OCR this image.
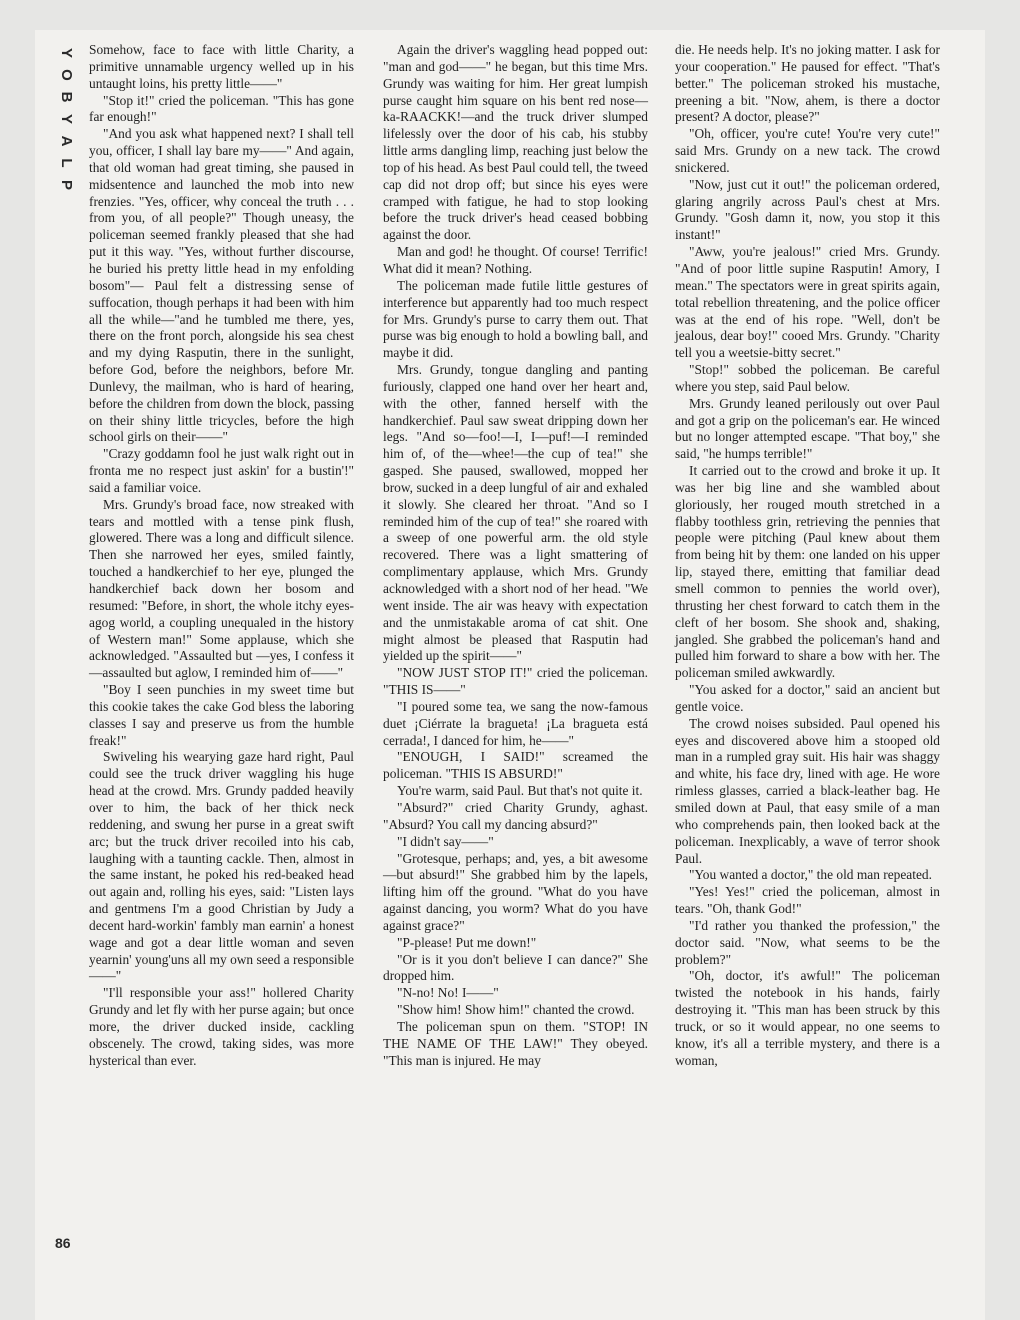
Y
O
B
Y
A
L
P
86

Somehow, face to face with little Charity, a primitive unnamable urgency welled up in his untaught loins, his pretty little——"

"Stop it!" cried the policeman. "This has gone far enough!"

"And you ask what happened next? I shall tell you, officer, I shall lay bare my——" And again, that old woman had great timing, she paused in midsentence and launched the mob into new frenzies. "Yes, officer, why conceal the truth . . . from you, of all people?" Though uneasy, the policeman seemed frankly pleased that she had put it this way. "Yes, without further discourse, he buried his pretty little head in my enfolding bosom"— Paul felt a distressing sense of suffocation, though perhaps it had been with him all the while—"and he tumbled me there, yes, there on the front porch, alongside his sea chest and my dying Rasputin, there in the sunlight, before God, before the neighbors, before Mr. Dunlevy, the mailman, who is hard of hearing, before the children from down the block, passing on their shiny little tricycles, before the high school girls on their——"

"Crazy goddamn fool he just walk right out in fronta me no respect just askin' for a bustin'!" said a familiar voice.

Mrs. Grundy's broad face, now streaked with tears and mottled with a tense pink flush, glowered. There was a long and difficult silence. Then she narrowed her eyes, smiled faintly, touched a handkerchief to her eye, plunged the handkerchief back down her bosom and resumed: "Before, in short, the whole itchy eyes-agog world, a coupling unequaled in the history of Western man!" Some applause, which she acknowledged. "Assaulted but —yes, I confess it—assaulted but aglow, I reminded him of——"

"Boy I seen punchies in my sweet time but this cookie takes the cake God bless the laboring classes I say and preserve us from the humble freak!"

Swiveling his wearying gaze hard right, Paul could see the truck driver waggling his huge head at the crowd. Mrs. Grundy padded heavily over to him, the back of her thick neck reddening, and swung her purse in a great swift arc; but the truck driver recoiled into his cab, laughing with a taunting cackle. Then, almost in the same instant, he poked his red-beaked head out again and, rolling his eyes, said: "Listen lays and gentmens I'm a good Christian by Judy a decent hard-workin' fambly man earnin' a honest wage and got a dear little woman and seven yearnin' young'uns all my own seed a responsible——"

"I'll responsible your ass!" hollered Charity Grundy and let fly with her purse again; but once more, the driver ducked inside, cackling obscenely. The crowd, taking sides, was more hysterical than ever.

Again the driver's waggling head popped out: "man and god——" he began, but this time Mrs. Grundy was waiting for him. Her great lumpish purse caught him square on his bent red nose—ka-RAACKK!—and the truck driver slumped lifelessly over the door of his cab, his stubby little arms dangling limp, reaching just below the top of his head. As best Paul could tell, the tweed cap did not drop off; but since his eyes were cramped with fatigue, he had to stop looking before the truck driver's head ceased bobbing against the door.

Man and god! he thought. Of course! Terrific! What did it mean? Nothing.

The policeman made futile little gestures of interference but apparently had too much respect for Mrs. Grundy's purse to carry them out. That purse was big enough to hold a bowling ball, and maybe it did.

Mrs. Grundy, tongue dangling and panting furiously, clapped one hand over her heart and, with the other, fanned herself with the handkerchief. Paul saw sweat dripping down her legs. "And so—foo!—I, I—puf!—I reminded him of, of the—whee!—the cup of tea!" she gasped. She paused, swallowed, mopped her brow, sucked in a deep lungful of air and exhaled it slowly. She cleared her throat. "And so I reminded him of the cup of tea!" she roared with a sweep of one powerful arm. the old style recovered. There was a light smattering of complimentary applause, which Mrs. Grundy acknowledged with a short nod of her head. "We went inside. The air was heavy with expectation and the unmistakable aroma of cat shit. One might almost be pleased that Rasputin had yielded up the spirit——"

"NOW JUST STOP IT!" cried the policeman. "THIS IS——"

"I poured some tea, we sang the now-famous duet ¡Ciérrate la bragueta! ¡La bragueta está cerrada!, I danced for him, he——"

"ENOUGH, I SAID!" screamed the policeman. "THIS IS ABSURD!"

You're warm, said Paul. But that's not quite it.

"Absurd?" cried Charity Grundy, aghast. "Absurd? You call my dancing absurd?"

"I didn't say——"

"Grotesque, perhaps; and, yes, a bit awesome—but absurd!" She grabbed him by the lapels, lifting him off the ground. "What do you have against dancing, you worm? What do you have against grace?"

"P-please! Put me down!"

"Or is it you don't believe I can dance?" She dropped him.

"N-no! No! I——"

"Show him! Show him!" chanted the crowd.

The policeman spun on them. "STOP! IN THE NAME OF THE LAW!" They obeyed. "This man is injured. He may

die. He needs help. It's no joking matter. I ask for your cooperation." He paused for effect. "That's better." The policeman stroked his mustache, preening a bit. "Now, ahem, is there a doctor present? A doctor, please?"

"Oh, officer, you're cute! You're very cute!" said Mrs. Grundy on a new tack. The crowd snickered.

"Now, just cut it out!" the policeman ordered, glaring angrily across Paul's chest at Mrs. Grundy. "Gosh damn it, now, you stop it this instant!"

"Aww, you're jealous!" cried Mrs. Grundy. "And of poor little supine Rasputin! Amory, I mean." The spectators were in great spirits again, total rebellion threatening, and the police officer was at the end of his rope. "Well, don't be jealous, dear boy!" cooed Mrs. Grundy. "Charity tell you a weetsie-bitty secret."

"Stop!" sobbed the policeman. Be careful where you step, said Paul below.

Mrs. Grundy leaned perilously out over Paul and got a grip on the policeman's ear. He winced but no longer attempted escape. "That boy," she said, "he humps terrible!"

It carried out to the crowd and broke it up. It was her big line and she wambled about gloriously, her rouged mouth stretched in a flabby toothless grin, retrieving the pennies that people were pitching (Paul knew about them from being hit by them: one landed on his upper lip, stayed there, emitting that familiar dead smell common to pennies the world over), thrusting her chest forward to catch them in the cleft of her bosom. She shook and, shaking, jangled. She grabbed the policeman's hand and pulled him forward to share a bow with her. The policeman smiled awkwardly.

"You asked for a doctor," said an ancient but gentle voice.

The crowd noises subsided. Paul opened his eyes and discovered above him a stooped old man in a rumpled gray suit. His hair was shaggy and white, his face dry, lined with age. He wore rimless glasses, carried a black-leather bag. He smiled down at Paul, that easy smile of a man who comprehends pain, then looked back at the policeman. Inexplicably, a wave of terror shook Paul.

"You wanted a doctor," the old man repeated.

"Yes! Yes!" cried the policeman, almost in tears. "Oh, thank God!"

"I'd rather you thanked the profession," the doctor said. "Now, what seems to be the problem?"

"Oh, doctor, it's awful!" The policeman twisted the notebook in his hands, fairly destroying it. "This man has been struck by this truck, or so it would appear, no one seems to know, it's all a terrible mystery, and there is a woman,
